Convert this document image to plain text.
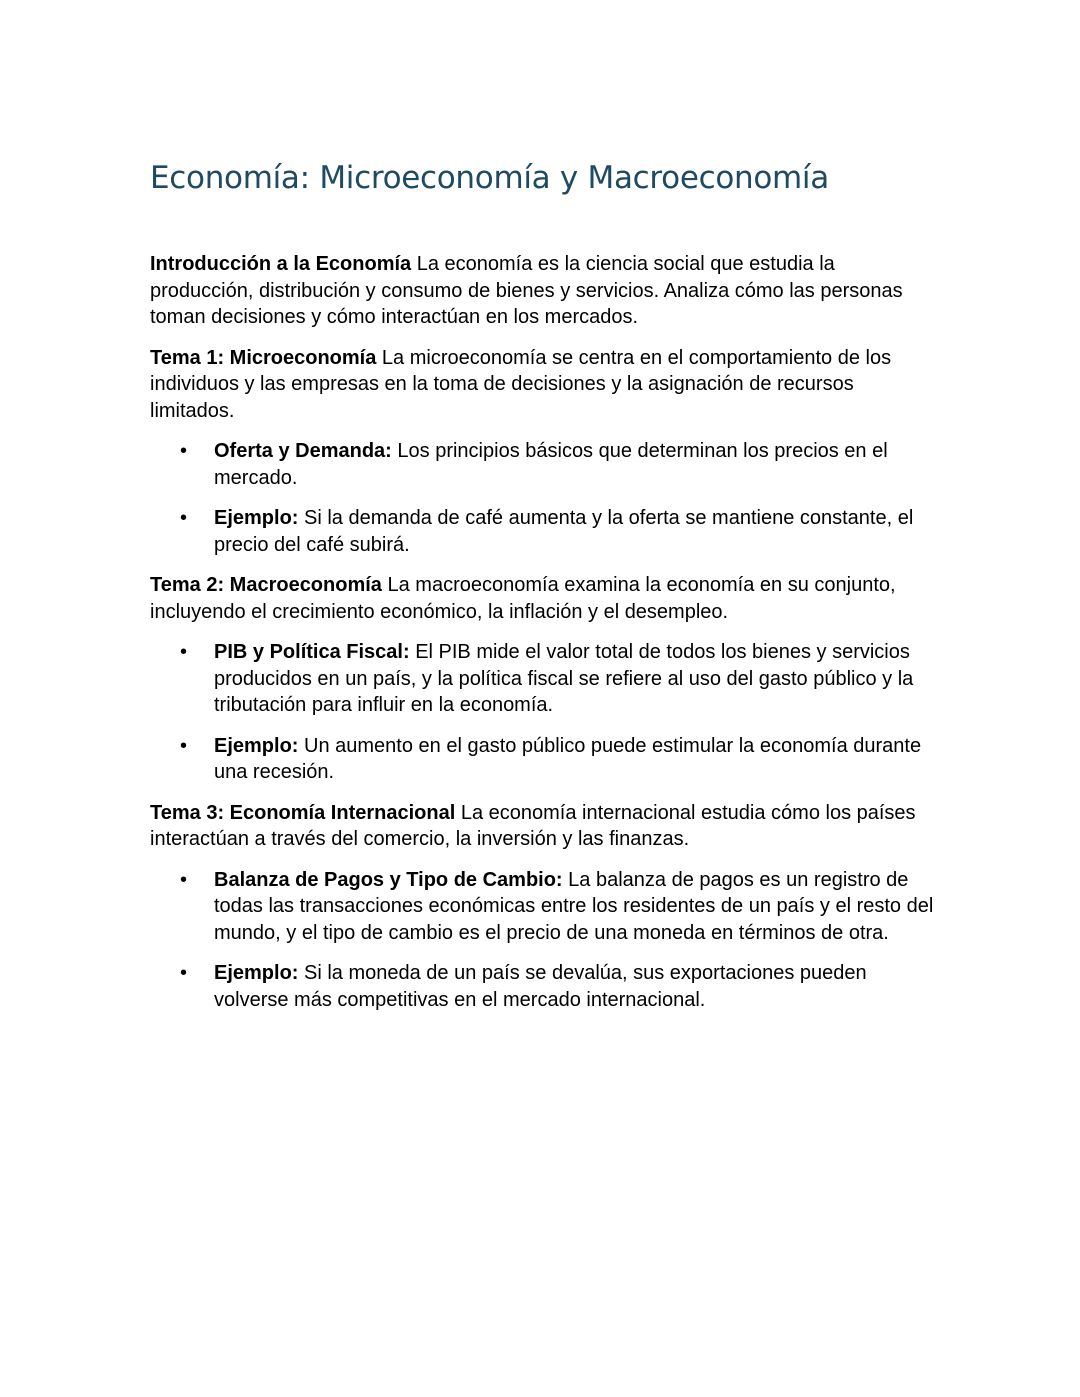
Economía: Microeconomía y Macroeconomía

Introducción a la Economía La economía es la ciencia social que estudia la producción, distribución y consumo de bienes y servicios. Analiza cómo las personas toman decisiones y cómo interactúan en los mercados.

Tema 1: Microeconomía La microeconomía se centra en el comportamiento de los individuos y las empresas en la toma de decisiones y la asignación de recursos limitados.

• Oferta y Demanda: Los principios básicos que determinan los precios en el mercado.
• Ejemplo: Si la demanda de café aumenta y la oferta se mantiene constante, el precio del café subirá.

Tema 2: Macroeconomía La macroeconomía examina la economía en su conjunto, incluyendo el crecimiento económico, la inflación y el desempleo.

• PIB y Política Fiscal: El PIB mide el valor total de todos los bienes y servicios producidos en un país, y la política fiscal se refiere al uso del gasto público y la tributación para influir en la economía.
• Ejemplo: Un aumento en el gasto público puede estimular la economía durante una recesión.

Tema 3: Economía Internacional La economía internacional estudia cómo los países interactúan a través del comercio, la inversión y las finanzas.

• Balanza de Pagos y Tipo de Cambio: La balanza de pagos es un registro de todas las transacciones económicas entre los residentes de un país y el resto del mundo, y el tipo de cambio es el precio de una moneda en términos de otra.
• Ejemplo: Si la moneda de un país se devalúa, sus exportaciones pueden volverse más competitivas en el mercado internacional.
